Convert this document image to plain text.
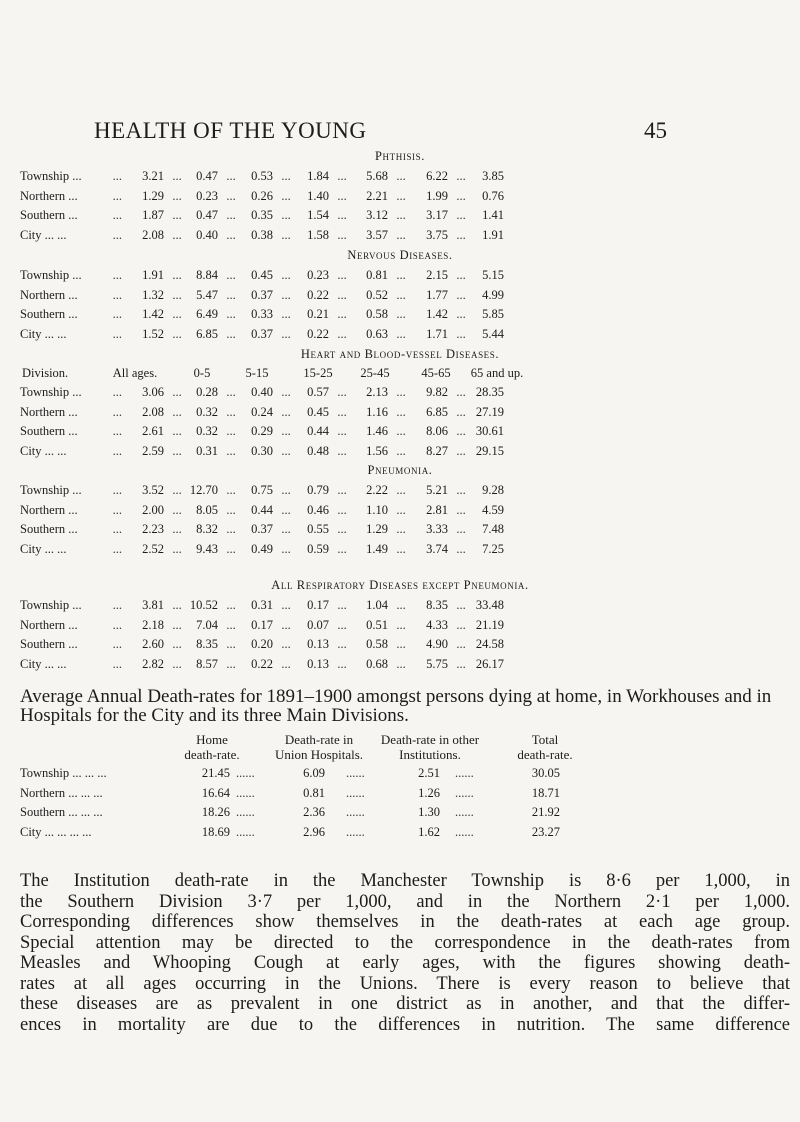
HEALTH OF THE YOUNG	45
Phthisis.
Township ...	...	3.21 ...	0.47 ...	0.53 ...	1.84 ...	5.68 ...	6.22 ...	3.85
Northern ...	...	1.29 ...	0.23 ...	0.26 ...	1.40 ...	2.21 ...	1.99 ...	0.76
Southern ...	...	1.87 ...	0.47 ...	0.35 ...	1.54 ...	3.12 ...	3.17 ...	1.41
City ... ...	...	2.08 ...	0.40 ...	0.38 ...	1.58 ...	3.57 ...	3.75 ...	1.91
Nervous Diseases.
Township ...	...	1.91 ...	8.84 ...	0.45 ...	0.23 ...	0.81 ...	2.15 ...	5.15
Northern ...	...	1.32 ...	5.47 ...	0.37 ...	0.22 ...	0.52 ...	1.77 ...	4.99
Southern ...	...	1.42 ...	6.49 ...	0.33 ...	0.21 ...	0.58 ...	1.42 ...	5.85
City ... ...	...	1.52 ...	6.85 ...	0.37 ...	0.22 ...	0.63 ...	1.71 ...	5.44
Heart and Blood-vessel Diseases.
Division.	All ages.	0-5	5-15	15-25	25-45	45-65	65 and up.
Township ...	...	3.06 ...	0.28 ...	0.40 ...	0.57 ...	2.13 ...	9.82 ... 28.35
Northern ...	...	2.08 ...	0.32 ...	0.24 ...	0.45 ...	1.16 ...	6.85 ... 27.19
Southern ...	...	2.61 ...	0.32 ...	0.29 ...	0.44 ...	1.46 ...	8.06 ... 30.61
City ... ...	...	2.59 ...	0.31 ...	0.30 ...	0.48 ...	1.56 ...	8.27 ... 29.15
Pneumonia.
Township ...	...	3.52 ... 12.70 ...	0.75 ...	0.79 ...	2.22 ...	5.21 ...	9.28
Northern ...	...	2.00 ...	8.05 ...	0.44 ...	0.46 ...	1.10 ...	2.81 ...	4.59
Southern ...	...	2.23 ...	8.32 ...	0.37 ...	0.55 ...	1.29 ...	3.33 ...	7.48
City ... ...	...	2.52 ...	9.43 ...	0.49 ...	0.59 ...	1.49 ...	3.74 ...	7.25
All Respiratory Diseases except Pneumonia.
Township ...	...	3.81 ... 10.52 ...	0.31 ...	0.17 ...	1.04 ...	8.35 ... 33.48
Northern ...	...	2.18 ...	7.04 ...	0.17 ...	0.07 ...	0.51 ...	4.33 ... 21.19
Southern ...	...	2.60 ...	8.35 ...	0.20 ...	0.13 ...	0.58 ...	4.90 ... 24.58
City ... ...	...	2.82 ...	8.57 ...	0.22 ...	0.13 ...	0.68 ...	5.75 ... 26.17
Average Annual Death-rates for 1891–1900 amongst persons dying at home, in Workhouses and in Hospitals for the City and its three Main Divisions.
Home
death-rate.
Death-rate in
Union Hospitals.
Death-rate in other
Institutions.
Total
death-rate.
Township ... ... ...	21.45 ......	6.09 ......	2.51 ......	30.05
Northern ... ... ...	16.64 ......	0.81 ......	1.26 ......	18.71
Southern ... ... ...	18.26 ......	2.36 ......	1.30 ......	21.92
City ... ... ... ...	18.69 ......	2.96 ......	1.62 ......	23.27
The Institution death-rate in the Manchester Township is 8·6 per 1,000, in
the Southern Division 3·7 per 1,000, and in the Northern 2·1 per 1,000.
Corresponding differences show themselves in the death-rates at each age group.
Special attention may be directed to the correspondence in the death-rates from
Measles and Whooping Cough at early ages, with the figures showing death-
rates at all ages occurring in the Unions. There is every reason to believe that
these diseases are as prevalent in one district as in another, and that the differ-
ences in mortality are due to the differences in nutrition. The same difference
